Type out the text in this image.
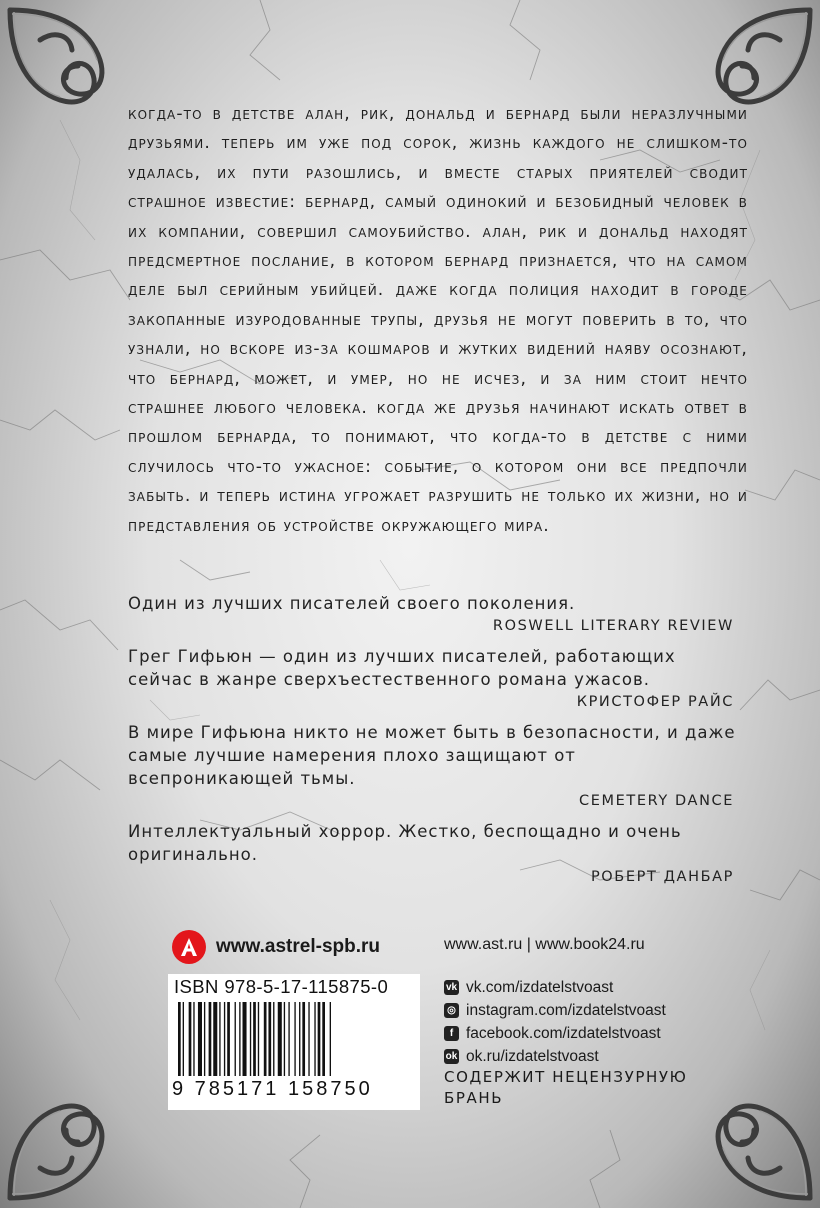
когда-то в детстве алан, рик, дональд и бернард были неразлучными друзьями. теперь им уже под сорок, жизнь каждого не слишком-то удалась, их пути разошлись, и вместе старых приятелей сводит страшное известие: бернард, самый одинокий и безобидный человек в их компании, совершил самоубийство. алан, рик и дональд находят предсмертное послание, в котором бернард признается, что на самом деле был серийным убийцей. даже когда полиция находит в городе закопанные изуродованные трупы, друзья не могут поверить в то, что узнали, но вскоре из-за кошмаров и жутких видений наяву осознают, что бернард, может, и умер, но не исчез, и за ним стоит нечто страшнее любого человека. когда же друзья начинают искать ответ в прошлом бернарда, то понимают, что когда-то в детстве с ними случилось что-то ужасное: событие, о котором они все предпочли забыть. и теперь истина угрожает разрушить не только их жизни, но и представления об устройстве окружающего мира.

Один из лучших писателей своего поколения.
ROSWELL LITERARY REVIEW
Грег Гифьюн — один из лучших писателей, работающих сейчас в жанре сверхъестественного романа ужасов.
КРИСТОФЕР РАЙС
В мире Гифьюна никто не может быть в безопасности, и даже самые лучшие намерения плохо защищают от всепроникающей тьмы.
CEMETERY DANCE
Интеллектуальный хоррор. Жестко, беспощадно и очень оригинально.
РОБЕРТ ДАНБАР
www.astrel-spb.ru	www.ast.ru | www.book24.ru
ISBN 978-5-17-115875-0
9 785171 158750
vk vk.com/izdatelstvoast
◎ instagram.com/izdatelstvoast
f facebook.com/izdatelstvoast
ok ok.ru/izdatelstvoast
СОДЕРЖИТ НЕЦЕНЗУРНУЮ БРАНЬ
